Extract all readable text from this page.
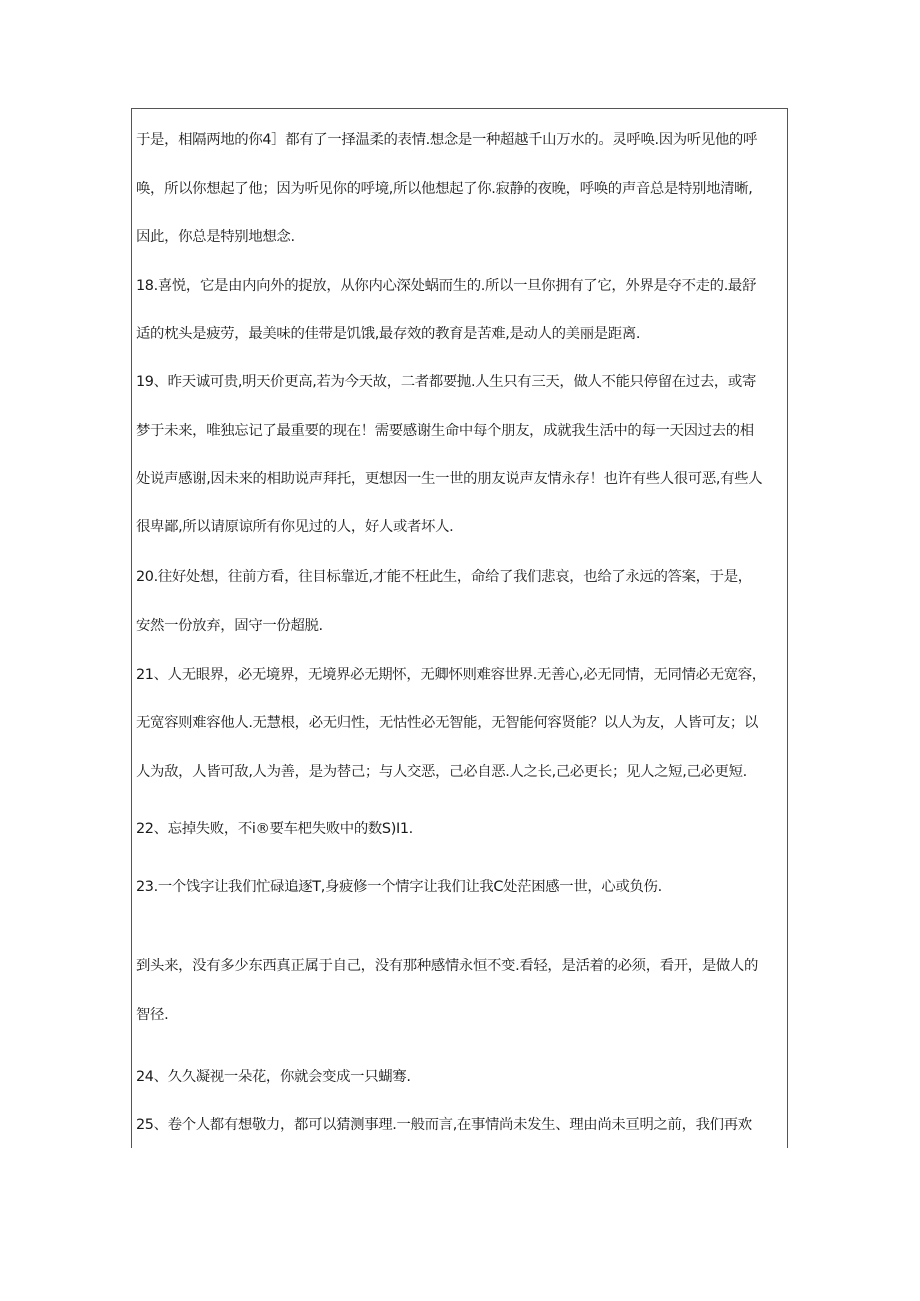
于是，相隔两地的你4］都有了一择温柔的表情.想念是一种超越千山万水的。灵呼唤.因为听见他的呼
唤，所以你想起了他；因为听见你的呼境,所以他想起了你.寂静的夜晚，呼唤的声音总是特别地清晰,
因此，你总是特别地想念.
18.喜悦，它是由内向外的捉放，从你内心深处蜗而生的.所以一旦你拥有了它，外界是夺不走的.最舒
适的枕头是疲劳，最美味的佳带是饥饿,最存效的教育是苦难,是动人的美丽是距离.
19、昨天诚可贵,明天价更高,若为今天故，二者都要抛.人生只有三天，做人不能只停留在过去，或寄
梦于未来，唯独忘记了最重要的现在！需要感谢生命中每个朋友，成就我生活中的每一天因过去的相
处说声感谢,因未来的相助说声拜托，更想因一生一世的朋友说声友情永存！也许有些人很可恶,有些人
很卑鄙,所以请原谅所有你见过的人，好人或者坏人.
20.往好处想，往前方看，往目标靠近,才能不枉此生，命给了我们悲哀，也给了永远的答案，于是，
安然一份放弃，固守一份超脱.
21、人无眼界，必无境界，无境界必无期怀，无卿怀则难容世界.无善心,必无同情，无同情必无宽容，
无宽容则难容他人.无慧根，必无归性，无怙性必无智能，无智能何容贤能？以人为友，人皆可友；以
人为敌，人皆可敌,人为善，是为替己；与人交恶，己必自恶.人之长,己必更长；见人之短,己必更短.
22、忘掉失败，不i®要车杷失败中的数S)I1.
23.一个饯字让我们忙碌追逐T,身疲修一个情字让我们让我C处茫困感一世，心或负伤.
到头来，没有多少东西真正属于自己，没有那种感情永恒不变.看轻，是活着的必须，看开，是做人的
智径.
24、久久凝视一朵花，你就会变成一只蝴骞.
25、卷个人都有想敬力，都可以猜测事理.一般而言,在事情尚未发生、理由尚未亘明之前，我们再欢
